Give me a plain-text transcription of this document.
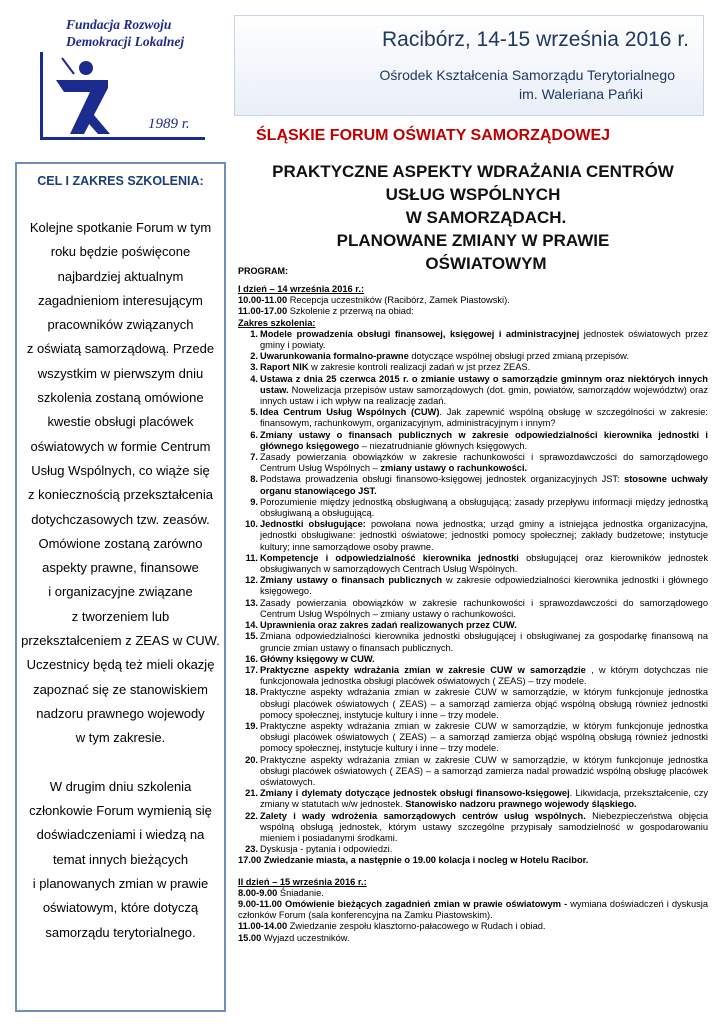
Fundacja Rozwoju
Demokracji Lokalnej
1989 r.
Racibórz, 14-15 września 2016 r.
Ośrodek Kształcenia Samorządu Terytorialnego
im. Waleriana Pańki
ŚLĄSKIE FORUM OŚWIATY SAMORZĄDOWEJ
CEL I ZAKRES SZKOLENIA:
Kolejne spotkanie Forum w tym
roku będzie poświęcone
najbardziej aktualnym
zagadnieniom interesującym
pracowników związanych
z oświatą samorządową. Przede
wszystkim w pierwszym dniu
szkolenia zostaną omówione
kwestie obsługi placówek
oświatowych w formie Centrum
Usług Wspólnych, co wiąże się
z koniecznością przekształcenia
dotychczasowych tzw. zeasów.
Omówione zostaną zarówno
aspekty prawne, finansowe
i organizacyjne związane
z tworzeniem lub
przekształceniem z ZEAS w CUW.
Uczestnicy będą też mieli okazję
zapoznać się ze stanowiskiem
nadzoru prawnego wojewody
w tym zakresie.
W drugim dniu szkolenia
członkowie Forum wymienią się
doświadczeniami i wiedzą na
temat innych bieżących
i planowanych zmian w prawie
oświatowym, które dotyczą
samorządu terytorialnego.
PRAKTYCZNE ASPEKTY WDRAŻANIA CENTRÓW
USŁUG WSPÓLNYCH
W SAMORZĄDACH.
PLANOWANE ZMIANY W PRAWIE
OŚWIATOWYM
PROGRAM:
I dzień – 14 września 2016 r.:
10.00-11.00 Recepcja uczestników (Racibórz, Zamek Piastowski).
11.00-17.00 Szkolenie z przerwą na obiad:
Zakres szkolenia:
1. Modele prowadzenia obsługi finansowej, księgowej i administracyjnej jednostek oświatowych przez gminy i powiaty.
2. Uwarunkowania formalno-prawne dotyczące wspólnej obsługi przed zmianą przepisów.
3. Raport NIK w zakresie kontroli realizacji zadań w jst przez ZEAS.
4. Ustawa z dnia 25 czerwca 2015 r. o zmianie ustawy o samorządzie gminnym oraz niektórych innych ustaw. Nowelizacja przepisów ustaw samorządowych (dot. gmin, powiatów, samorządów województw) oraz innych ustaw i ich wpływ na realizację zadań.
5. Idea Centrum Usług Wspólnych (CUW). Jak zapewnić wspólną obsługę w szczególności w zakresie: finansowym, rachunkowym, organizacyjnym, administracyjnym i innym?
6. Zmiany ustawy o finansach publicznych w zakresie odpowiedzialności kierownika jednostki i głównego księgowego – niezatrudnianie głównych księgowych.
7. Zasady powierzania obowiązków w zakresie rachunkowości i sprawozdawczości do samorządowego Centrum Usług Wspólnych – zmiany ustawy o rachunkowości.
8. Podstawa prowadzenia obsługi finansowo-księgowej jednostek organizacyjnych JST: stosowne uchwały organu stanowiącego JST.
9. Porozumienie między jednostką obsługiwaną a obsługującą; zasady przepływu informacji między jednostką obsługiwaną a obsługującą.
10. Jednostki obsługujące: powołana nowa jednostka; urząd gminy a istniejąca jednostka organizacyjna, jednostki obsługiwane: jednostki oświatowe; jednostki pomocy społecznej; zakłady budżetowe; instytucje kultury; inne samorządowe osoby prawne.
11. Kompetencje i odpowiedzialność kierownika jednostki obsługującej oraz kierowników jednostek obsługiwanych w samorządowych Centrach Usług Wspólnych.
12. Zmiany ustawy o finansach publicznych w zakresie odpowiedzialności kierownika jednostki i głównego księgowego.
13. Zasady powierzania obowiązków w zakresie rachunkowości i sprawozdawczości do samorządowego Centrum Usług Wspólnych – zmiany ustawy o rachunkowości.
14. Uprawnienia oraz zakres zadań realizowanych przez CUW.
15. Zmiana odpowiedzialności kierownika jednostki obsługującej i obsługiwanej za gospodarkę finansową na gruncie zmian ustawy o finansach publicznych.
16. Główny księgowy w CUW.
17. Praktyczne aspekty wdrażania zmian w zakresie CUW w samorządzie , w którym dotychczas nie funkcjonowała jednostka obsługi placówek oświatowych ( ZEAS) – trzy modele.
18. Praktyczne aspekty wdrażania zmian w zakresie CUW w samorządzie, w którym funkcjonuje jednostka obsługi placówek oświatowych ( ZEAS) – a samorząd zamierza objąć wspólną obsługą również jednostki pomocy społecznej, instytucje kultury i inne – trzy modele.
19. Praktyczne aspekty wdrażania zmian w zakresie CUW w samorządzie, w którym funkcjonuje jednostka obsługi placówek oświatowych ( ZEAS) – a samorząd zamierza objąć wspólną obsługą również jednostki pomocy społecznej, instytucje kultury i inne – trzy modele.
20. Praktyczne aspekty wdrażania zmian w zakresie CUW w samorządzie, w którym funkcjonuje jednostka obsługi placówek oświatowych ( ZEAS) – a samorząd zamierza nadal prowadzić wspólną obsługę placówek oświatowych.
21. Zmiany i dylematy dotyczące jednostek obsługi finansowo-księgowej. Likwidacja, przekształcenie, czy zmiany w statutach w/w jednostek. Stanowisko nadzoru prawnego wojewody śląskiego.
22. Zalety i wady wdrożenia samorządowych centrów usług wspólnych. Niebezpieczeństwa objęcia wspólną obsługą jednostek, którym ustawy szczególne przypisały samodzielność w gospodarowaniu mieniem i posiadanymi środkami.
23. Dyskusja - pytania i odpowiedzi.
17.00 Zwiedzanie miasta, a następnie o 19.00 kolacja i nocleg w Hotelu Racibor.
II dzień – 15 września 2016 r.:
8.00-9.00 Śniadanie.
9.00-11.00 Omówienie bieżących zagadnień zmian w prawie oświatowym - wymiana doświadczeń i dyskusja członków Forum (sala konferencyjna na Zamku Piastowskim).
11.00-14.00 Zwiedzanie zespołu klasztorno-pałacowego w Rudach i obiad.
15.00 Wyjazd uczestników.
